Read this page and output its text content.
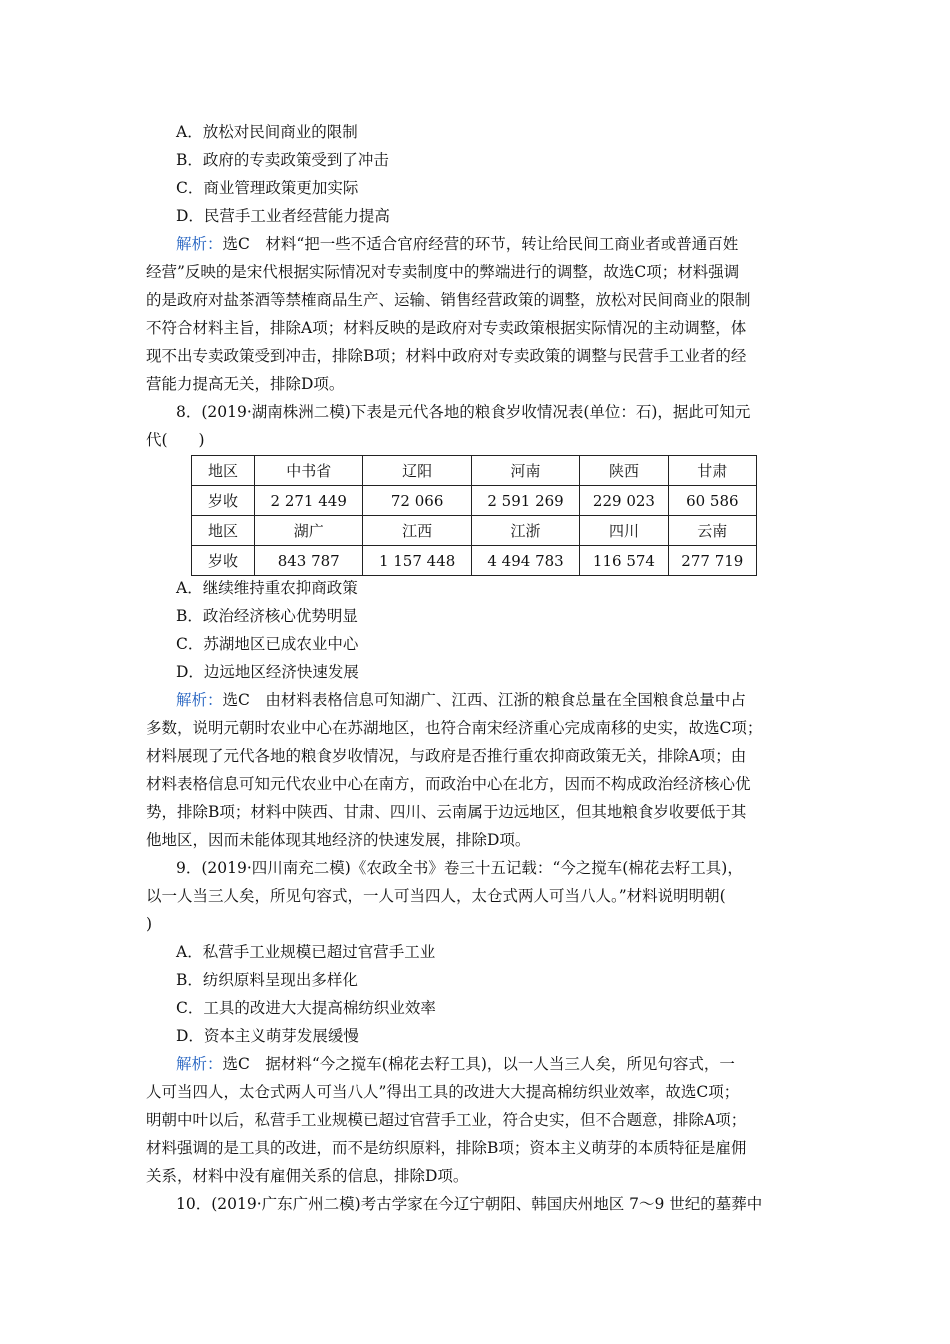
A．放松对民间商业的限制
B．政府的专卖政策受到了冲击
C．商业管理政策更加实际
D．民营手工业者经营能力提高
解析：选C　材料“把一些不适合官府经营的环节，转让给民间工商业者或普通百姓
经营”反映的是宋代根据实际情况对专卖制度中的弊端进行的调整，故选C项；材料强调
的是政府对盐茶酒等禁榷商品生产、运输、销售经营政策的调整，放松对民间商业的限制
不符合材料主旨，排除A项；材料反映的是政府对专卖政策根据实际情况的主动调整，体
现不出专卖政策受到冲击，排除B项；材料中政府对专卖政策的调整与民营手工业者的经
营能力提高无关，排除D项。
8．(2019·湖南株洲二模)下表是元代各地的粮食岁收情况表(单位：石)，据此可知元
代(　　)
地区	中书省	辽阳	河南	陕西	甘肃
岁收	2 271 449	72 066	2 591 269	229 023	60 586
地区	湖广	江西	江浙	四川	云南
岁收	843 787	1 157 448	4 494 783	116 574	277 719
A．继续维持重农抑商政策
B．政治经济核心优势明显
C．苏湖地区已成农业中心
D．边远地区经济快速发展
解析：选C　由材料表格信息可知湖广、江西、江浙的粮食总量在全国粮食总量中占
多数，说明元朝时农业中心在苏湖地区，也符合南宋经济重心完成南移的史实，故选C项；
材料展现了元代各地的粮食岁收情况，与政府是否推行重农抑商政策无关，排除A项；由
材料表格信息可知元代农业中心在南方，而政治中心在北方，因而不构成政治经济核心优
势，排除B项；材料中陕西、甘肃、四川、云南属于边远地区，但其地粮食岁收要低于其
他地区，因而未能体现其地经济的快速发展，排除D项。
9．(2019·四川南充二模)《农政全书》卷三十五记载：“今之搅车(棉花去籽工具)，
以一人当三人矣，所见句容式，一人可当四人，太仓式两人可当八人。”材料说明明朝(
)
A．私营手工业规模已超过官营手工业
B．纺织原料呈现出多样化
C．工具的改进大大提高棉纺织业效率
D．资本主义萌芽发展缓慢
解析：选C　据材料“今之搅车(棉花去籽工具)，以一人当三人矣，所见句容式，一
人可当四人，太仓式两人可当八人”得出工具的改进大大提高棉纺织业效率，故选C项；
明朝中叶以后，私营手工业规模已超过官营手工业，符合史实，但不合题意，排除A项；
材料强调的是工具的改进，而不是纺织原料，排除B项；资本主义萌芽的本质特征是雇佣
关系，材料中没有雇佣关系的信息，排除D项。
10．(2019·广东广州二模)考古学家在今辽宁朝阳、韩国庆州地区 7～9 世纪的墓葬中
